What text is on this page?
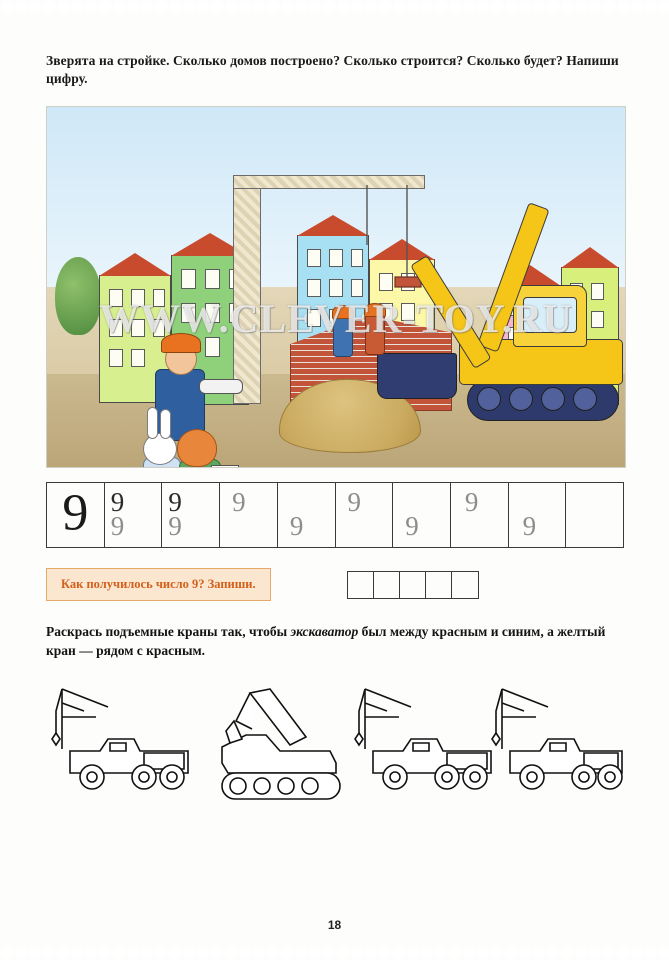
Зверята на стройке. Сколько домов построено? Сколько строится? Сколько будет? Напиши цифру.
WWW.CLEVER-TOY.RU
9 9
9
9
9
9
9
9
9
9
9
Как получилось число 9? Запиши.
Раскрась подъемные краны так, чтобы экскаватор был между красным и синим, а желтый кран — рядом с красным.
18
